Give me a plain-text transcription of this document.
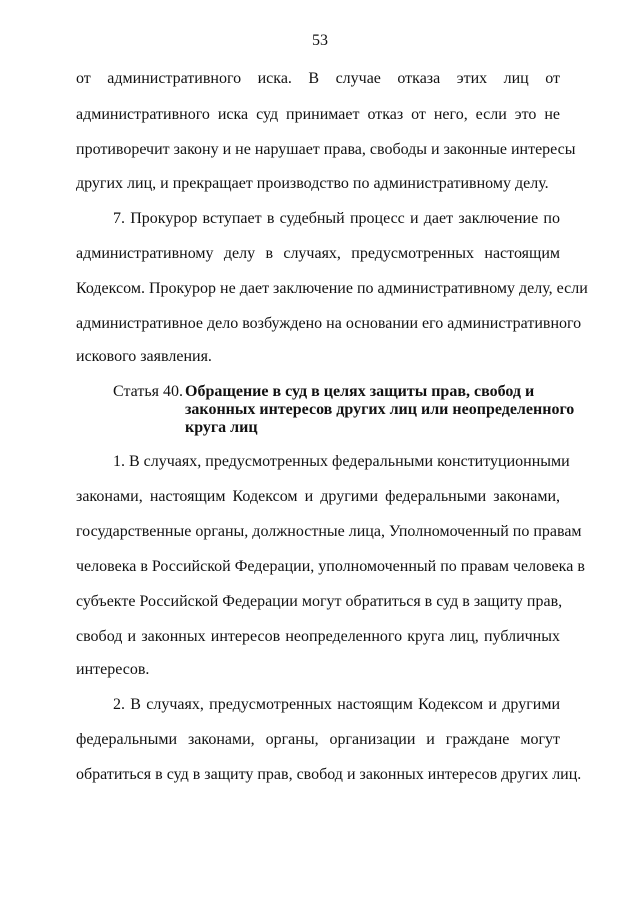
53
от административного иска. В случае отказа этих лиц от
административного иска суд принимает отказ от него, если это не
противоречит закону и не нарушает права, свободы и законные интересы
других лиц, и прекращает производство по административному делу.
7. Прокурор вступает в судебный процесс и дает заключение по
административному делу в случаях, предусмотренных настоящим
Кодексом. Прокурор не дает заключение по административному делу, если
административное дело возбуждено на основании его административного
искового заявления.
Статья 40. Обращение в суд в целях защиты прав, свобод и
законных интересов других лиц или неопределенного
круга лиц
1. В случаях, предусмотренных федеральными конституционными
законами, настоящим Кодексом и другими федеральными законами,
государственные органы, должностные лица, Уполномоченный по правам
человека в Российской Федерации, уполномоченный по правам человека в
субъекте Российской Федерации могут обратиться в суд в защиту прав,
свобод и законных интересов неопределенного круга лиц, публичных
интересов.
2. В случаях, предусмотренных настоящим Кодексом и другими
федеральными законами, органы, организации и граждане могут
обратиться в суд в защиту прав, свобод и законных интересов других лиц.
